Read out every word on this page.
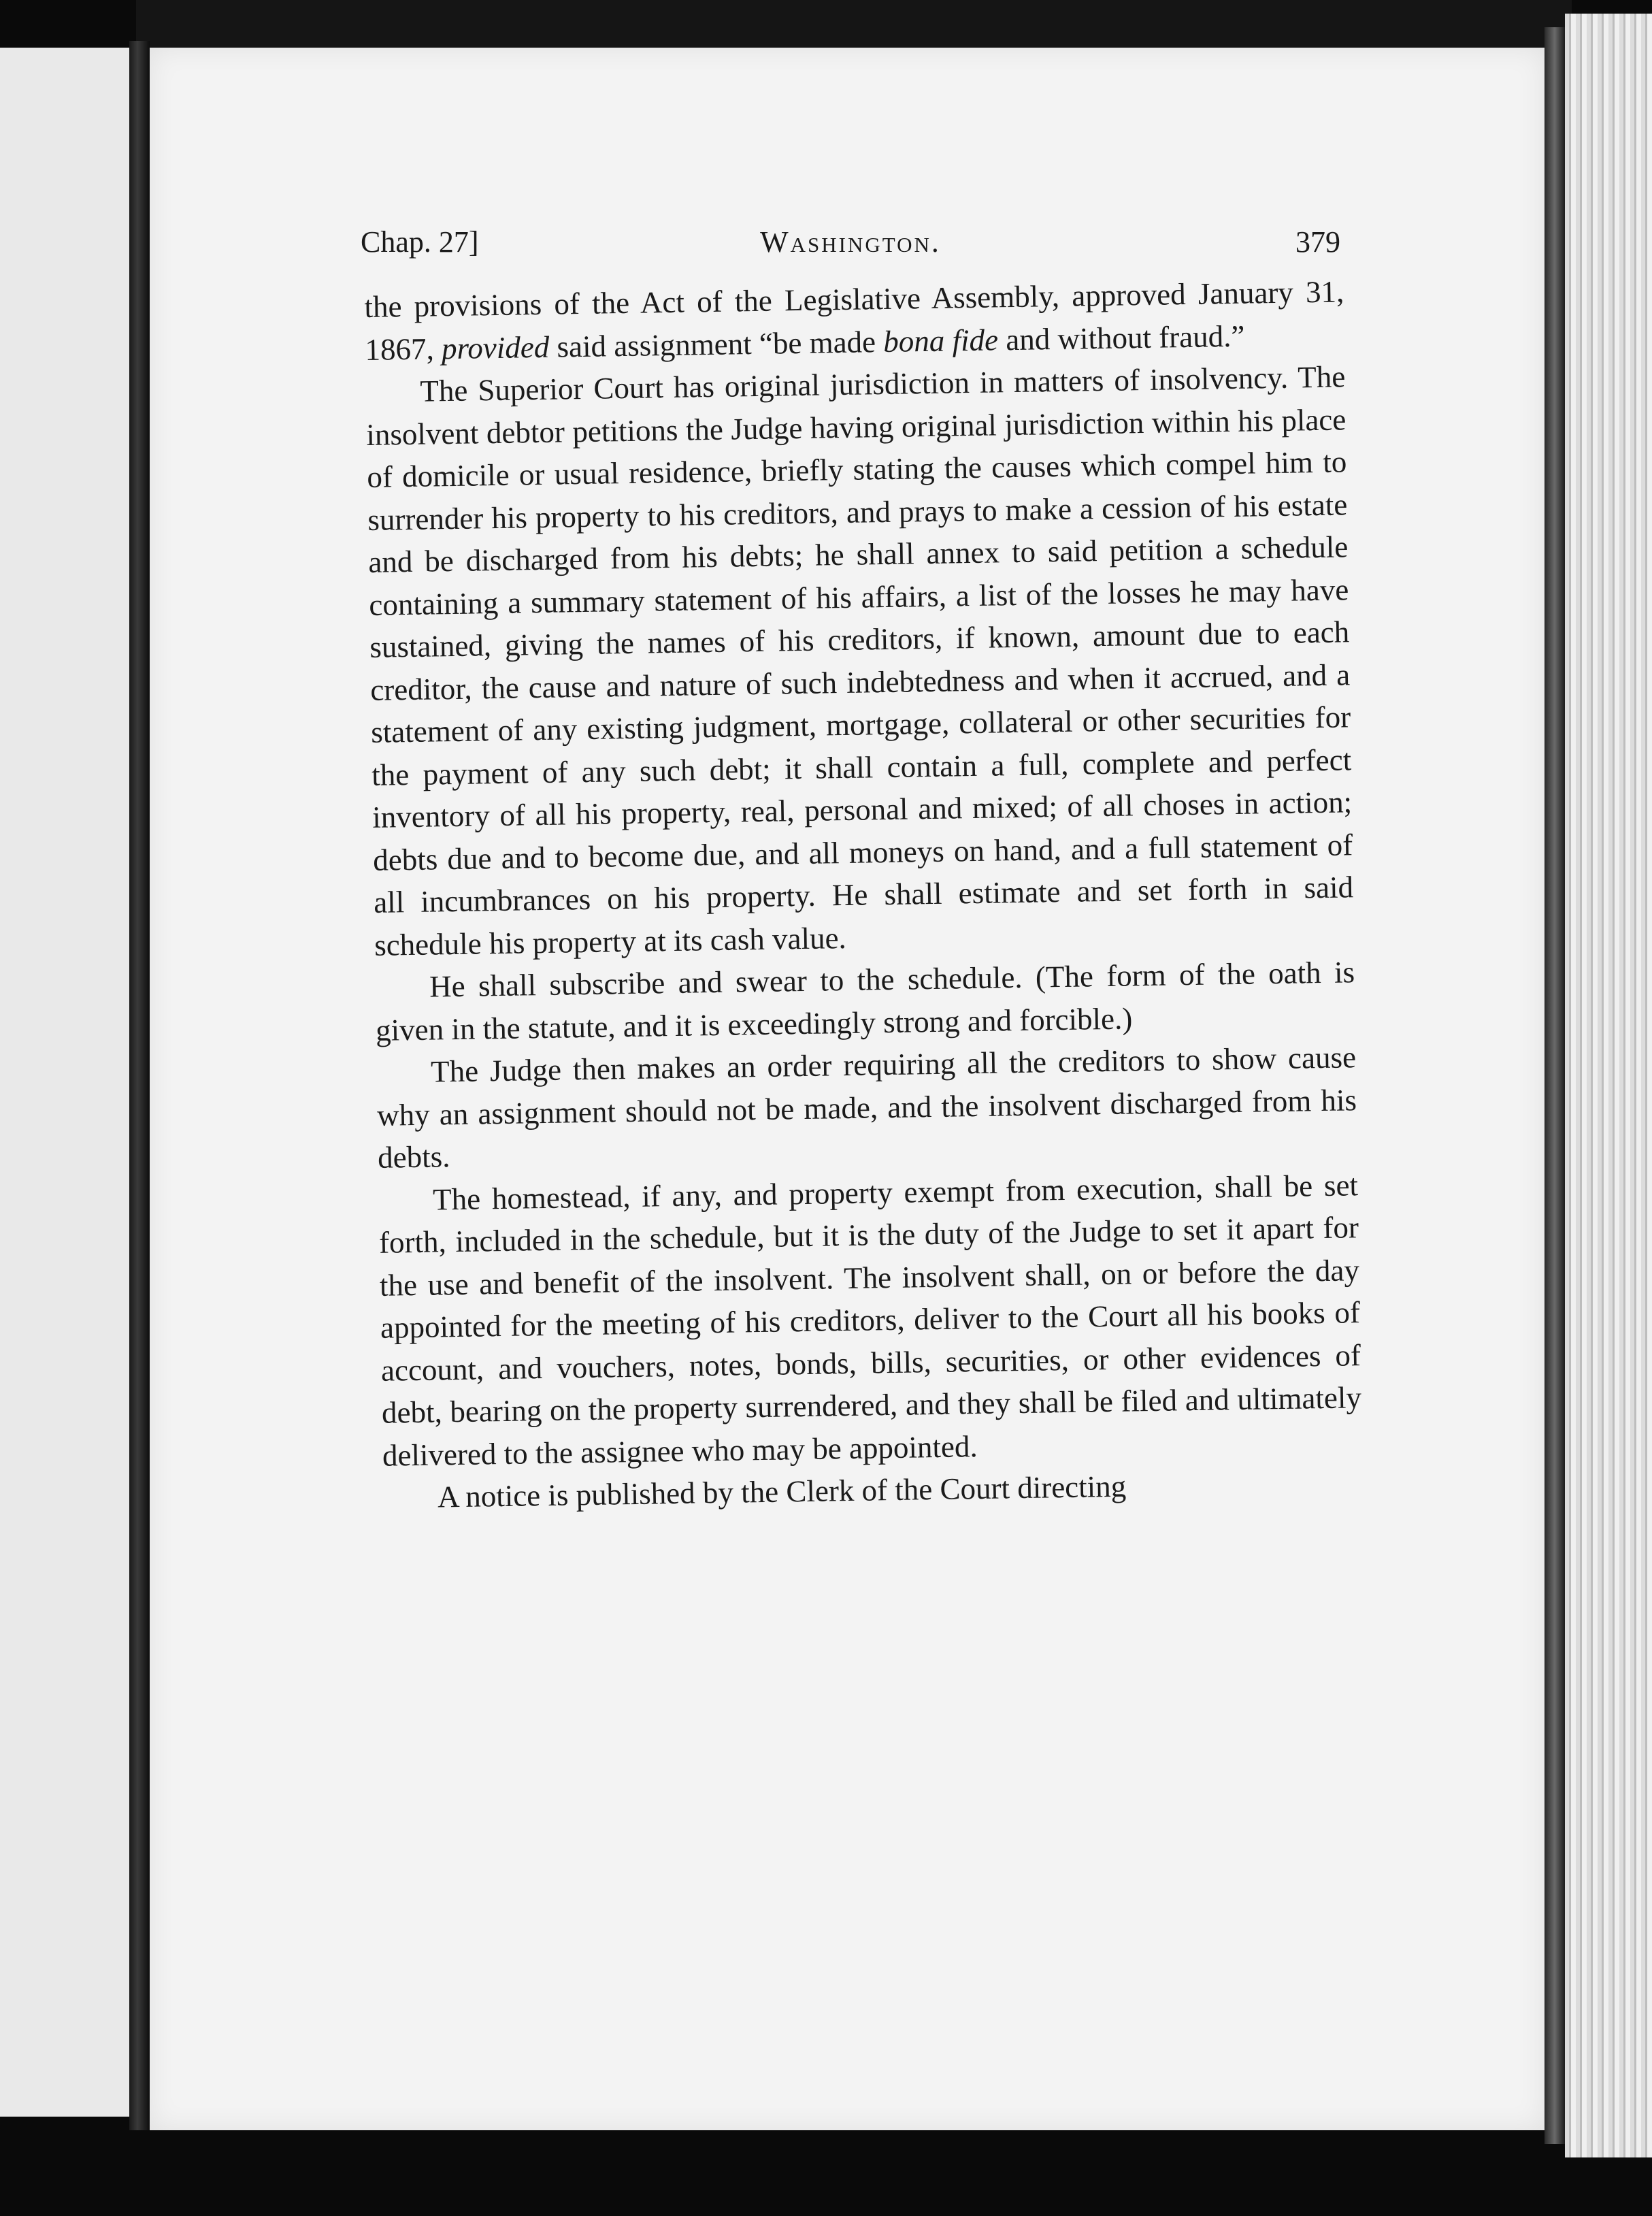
Chap. 27]	Washington.	379

the provisions of the Act of the Legislative Assembly, approved January 31, 1867, provided said assignment “be made bona fide and without fraud.”

The Superior Court has original jurisdiction in matters of insolvency. The insolvent debtor petitions the Judge having original jurisdiction within his place of domicile or usual residence, briefly stating the causes which compel him to surrender his property to his creditors, and prays to make a cession of his estate and be discharged from his debts; he shall annex to said petition a schedule containing a summary statement of his affairs, a list of the losses he may have sustained, giving the names of his creditors, if known, amount due to each creditor, the cause and nature of such indebtedness and when it accrued, and a statement of any existing judgment, mortgage, collateral or other securities for the payment of any such debt; it shall contain a full, complete and perfect inventory of all his property, real, personal and mixed; of all choses in action; debts due and to become due, and all moneys on hand, and a full statement of all incumbrances on his property. He shall estimate and set forth in said schedule his property at its cash value.

He shall subscribe and swear to the schedule. (The form of the oath is given in the statute, and it is exceedingly strong and forcible.)

The Judge then makes an order requiring all the creditors to show cause why an assignment should not be made, and the insolvent discharged from his debts.

The homestead, if any, and property exempt from execution, shall be set forth, included in the schedule, but it is the duty of the Judge to set it apart for the use and benefit of the insolvent. The insolvent shall, on or before the day appointed for the meeting of his creditors, deliver to the Court all his books of account, and vouchers, notes, bonds, bills, securities, or other evidences of debt, bearing on the property surrendered, and they shall be filed and ultimately delivered to the assignee who may be appointed.

A notice is published by the Clerk of the Court directing
